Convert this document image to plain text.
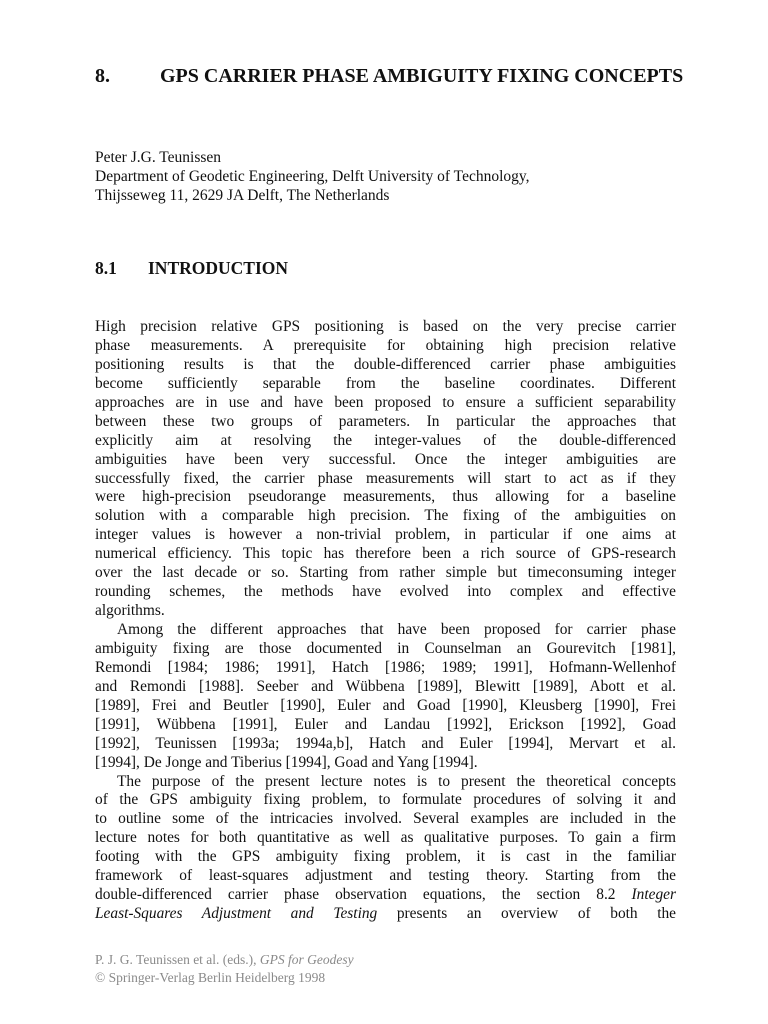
8.	GPS CARRIER PHASE AMBIGUITY FIXING CONCEPTS
Peter J.G. Teunissen
Department of Geodetic Engineering, Delft University of Technology,
Thijsseweg 11, 2629 JA Delft, The Netherlands
8.1 INTRODUCTION
High precision relative GPS positioning is based on the very precise carrier
phase measurements. A prerequisite for obtaining high precision relative
positioning results is that the double-differenced carrier phase ambiguities
become sufficiently separable from the baseline coordinates. Different
approaches are in use and have been proposed to ensure a sufficient separability
between these two groups of parameters. In particular the approaches that
explicitly aim at resolving the integer-values of the double-differenced
ambiguities have been very successful. Once the integer ambiguities are
successfully fixed, the carrier phase measurements will start to act as if they
were high-precision pseudorange measurements, thus allowing for a baseline
solution with a comparable high precision. The fixing of the ambiguities on
integer values is however a non-trivial problem, in particular if one aims at
numerical efficiency. This topic has therefore been a rich source of GPS-research
over the last decade or so. Starting from rather simple but timeconsuming integer
rounding schemes, the methods have evolved into complex and effective
algorithms.
Among the different approaches that have been proposed for carrier phase
ambiguity fixing are those documented in Counselman an Gourevitch [1981],
Remondi [1984; 1986; 1991], Hatch [1986; 1989; 1991], Hofmann-Wellenhof
and Remondi [1988]. Seeber and Wübbena [1989], Blewitt [1989], Abott et al.
[1989], Frei and Beutler [1990], Euler and Goad [1990], Kleusberg [1990], Frei
[1991], Wübbena [1991], Euler and Landau [1992], Erickson [1992], Goad
[1992], Teunissen [1993a; 1994a,b], Hatch and Euler [1994], Mervart et al.
[1994], De Jonge and Tiberius [1994], Goad and Yang [1994].
The purpose of the present lecture notes is to present the theoretical concepts
of the GPS ambiguity fixing problem, to formulate procedures of solving it and
to outline some of the intricacies involved. Several examples are included in the
lecture notes for both quantitative as well as qualitative purposes. To gain a firm
footing with the GPS ambiguity fixing problem, it is cast in the familiar
framework of least-squares adjustment and testing theory. Starting from the
double-differenced carrier phase observation equations, the section 8.2 Integer
Least-Squares Adjustment and Testing presents an overview of both the
P. J. G. Teunissen et al. (eds.), GPS for Geodesy
© Springer-Verlag Berlin Heidelberg 1998
